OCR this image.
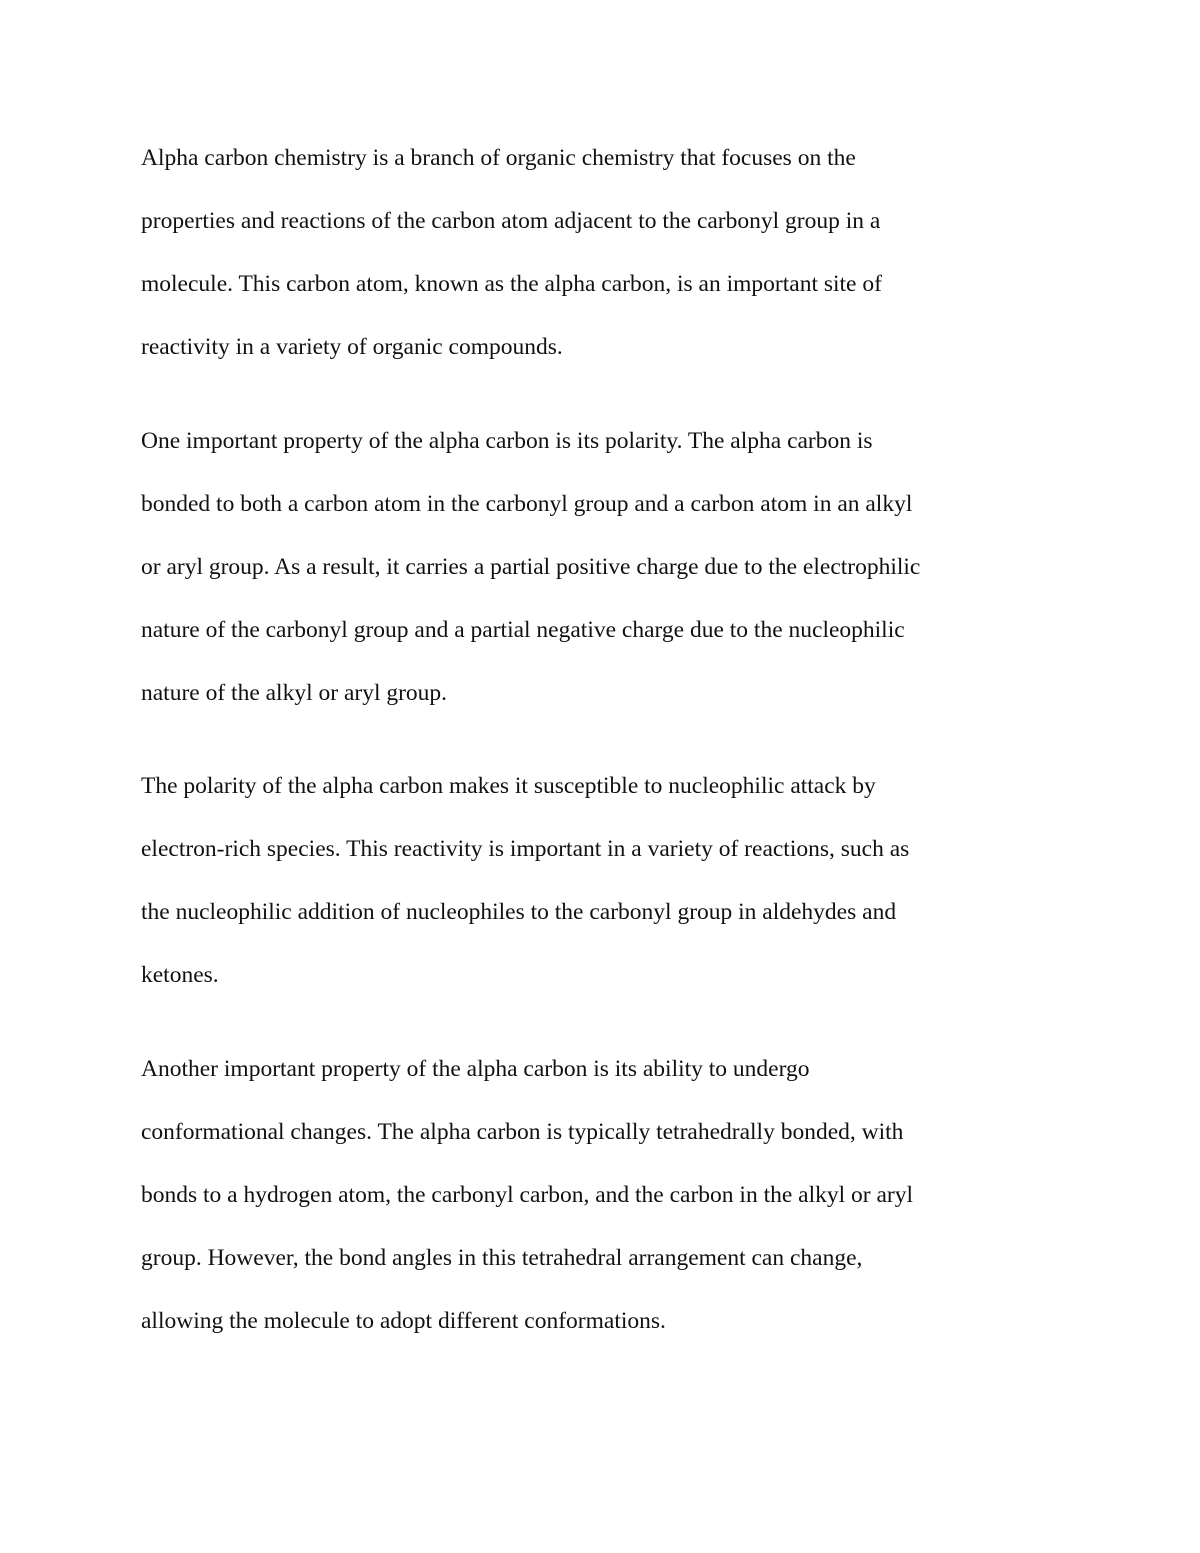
Alpha carbon chemistry is a branch of organic chemistry that focuses on the
properties and reactions of the carbon atom adjacent to the carbonyl group in a
molecule. This carbon atom, known as the alpha carbon, is an important site of
reactivity in a variety of organic compounds.
One important property of the alpha carbon is its polarity. The alpha carbon is
bonded to both a carbon atom in the carbonyl group and a carbon atom in an alkyl
or aryl group. As a result, it carries a partial positive charge due to the electrophilic
nature of the carbonyl group and a partial negative charge due to the nucleophilic
nature of the alkyl or aryl group.
The polarity of the alpha carbon makes it susceptible to nucleophilic attack by
electron-rich species. This reactivity is important in a variety of reactions, such as
the nucleophilic addition of nucleophiles to the carbonyl group in aldehydes and
ketones.
Another important property of the alpha carbon is its ability to undergo
conformational changes. The alpha carbon is typically tetrahedrally bonded, with
bonds to a hydrogen atom, the carbonyl carbon, and the carbon in the alkyl or aryl
group. However, the bond angles in this tetrahedral arrangement can change,
allowing the molecule to adopt different conformations.
